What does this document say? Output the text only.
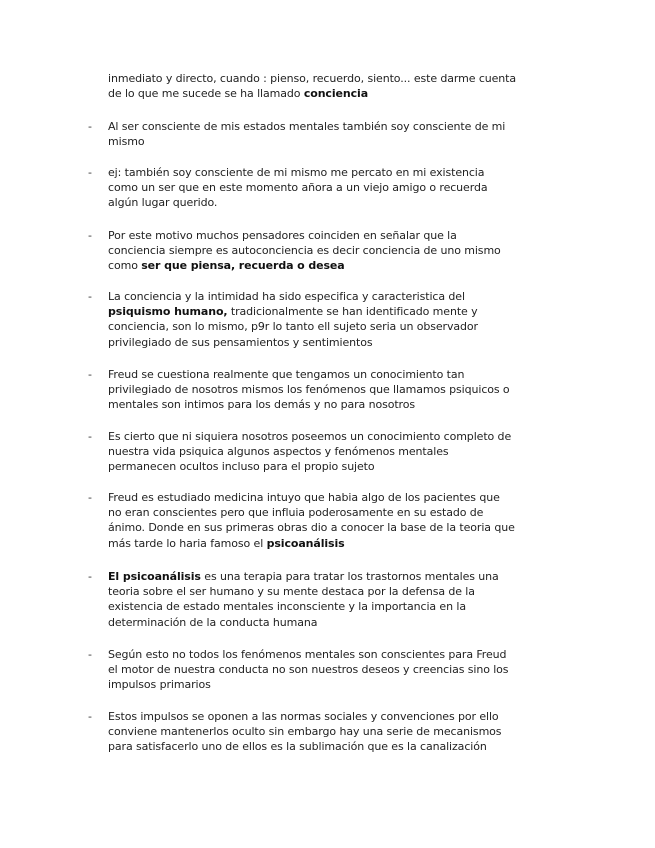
inmediato y directo, cuando : pienso, recuerdo, siento... este darme cuenta
de lo que me sucede se ha llamado conciencia
- Al ser consciente de mis estados mentales también soy consciente de mi
mismo
- ej: también soy consciente de mi mismo me percato en mi existencia
como un ser que en este momento añora a un viejo amigo o recuerda
algún lugar querido.
- Por este motivo muchos pensadores coinciden en señalar que la
conciencia siempre es autoconciencia es decir conciencia de uno mismo
como ser que piensa, recuerda o desea
- La conciencia y la intimidad ha sido especifica y caracteristica del
psiquismo humano, tradicionalmente se han identificado mente y
conciencia, son lo mismo, p9r lo tanto ell sujeto seria un observador
privilegiado de sus pensamientos y sentimientos
- Freud se cuestiona realmente que tengamos un conocimiento tan
privilegiado de nosotros mismos los fenómenos que llamamos psiquicos o
mentales son intimos para los demás y no para nosotros
- Es cierto que ni siquiera nosotros poseemos un conocimiento completo de
nuestra vida psiquica algunos aspectos y fenómenos mentales
permanecen ocultos incluso para el propio sujeto
- Freud es estudiado medicina intuyo que habia algo de los pacientes que
no eran conscientes pero que influia poderosamente en su estado de
ánimo. Donde en sus primeras obras dio a conocer la base de la teoria que
más tarde lo haria famoso el psicoanálisis
- El psicoanálisis es una terapia para tratar los trastornos mentales una
teoria sobre el ser humano y su mente destaca por la defensa de la
existencia de estado mentales inconsciente y la importancia en la
determinación de la conducta humana
- Según esto no todos los fenómenos mentales son conscientes para Freud
el motor de nuestra conducta no son nuestros deseos y creencias sino los
impulsos primarios
- Estos impulsos se oponen a las normas sociales y convenciones por ello
conviene mantenerlos oculto sin embargo hay una serie de mecanismos
para satisfacerlo uno de ellos es la sublimación que es la canalización
